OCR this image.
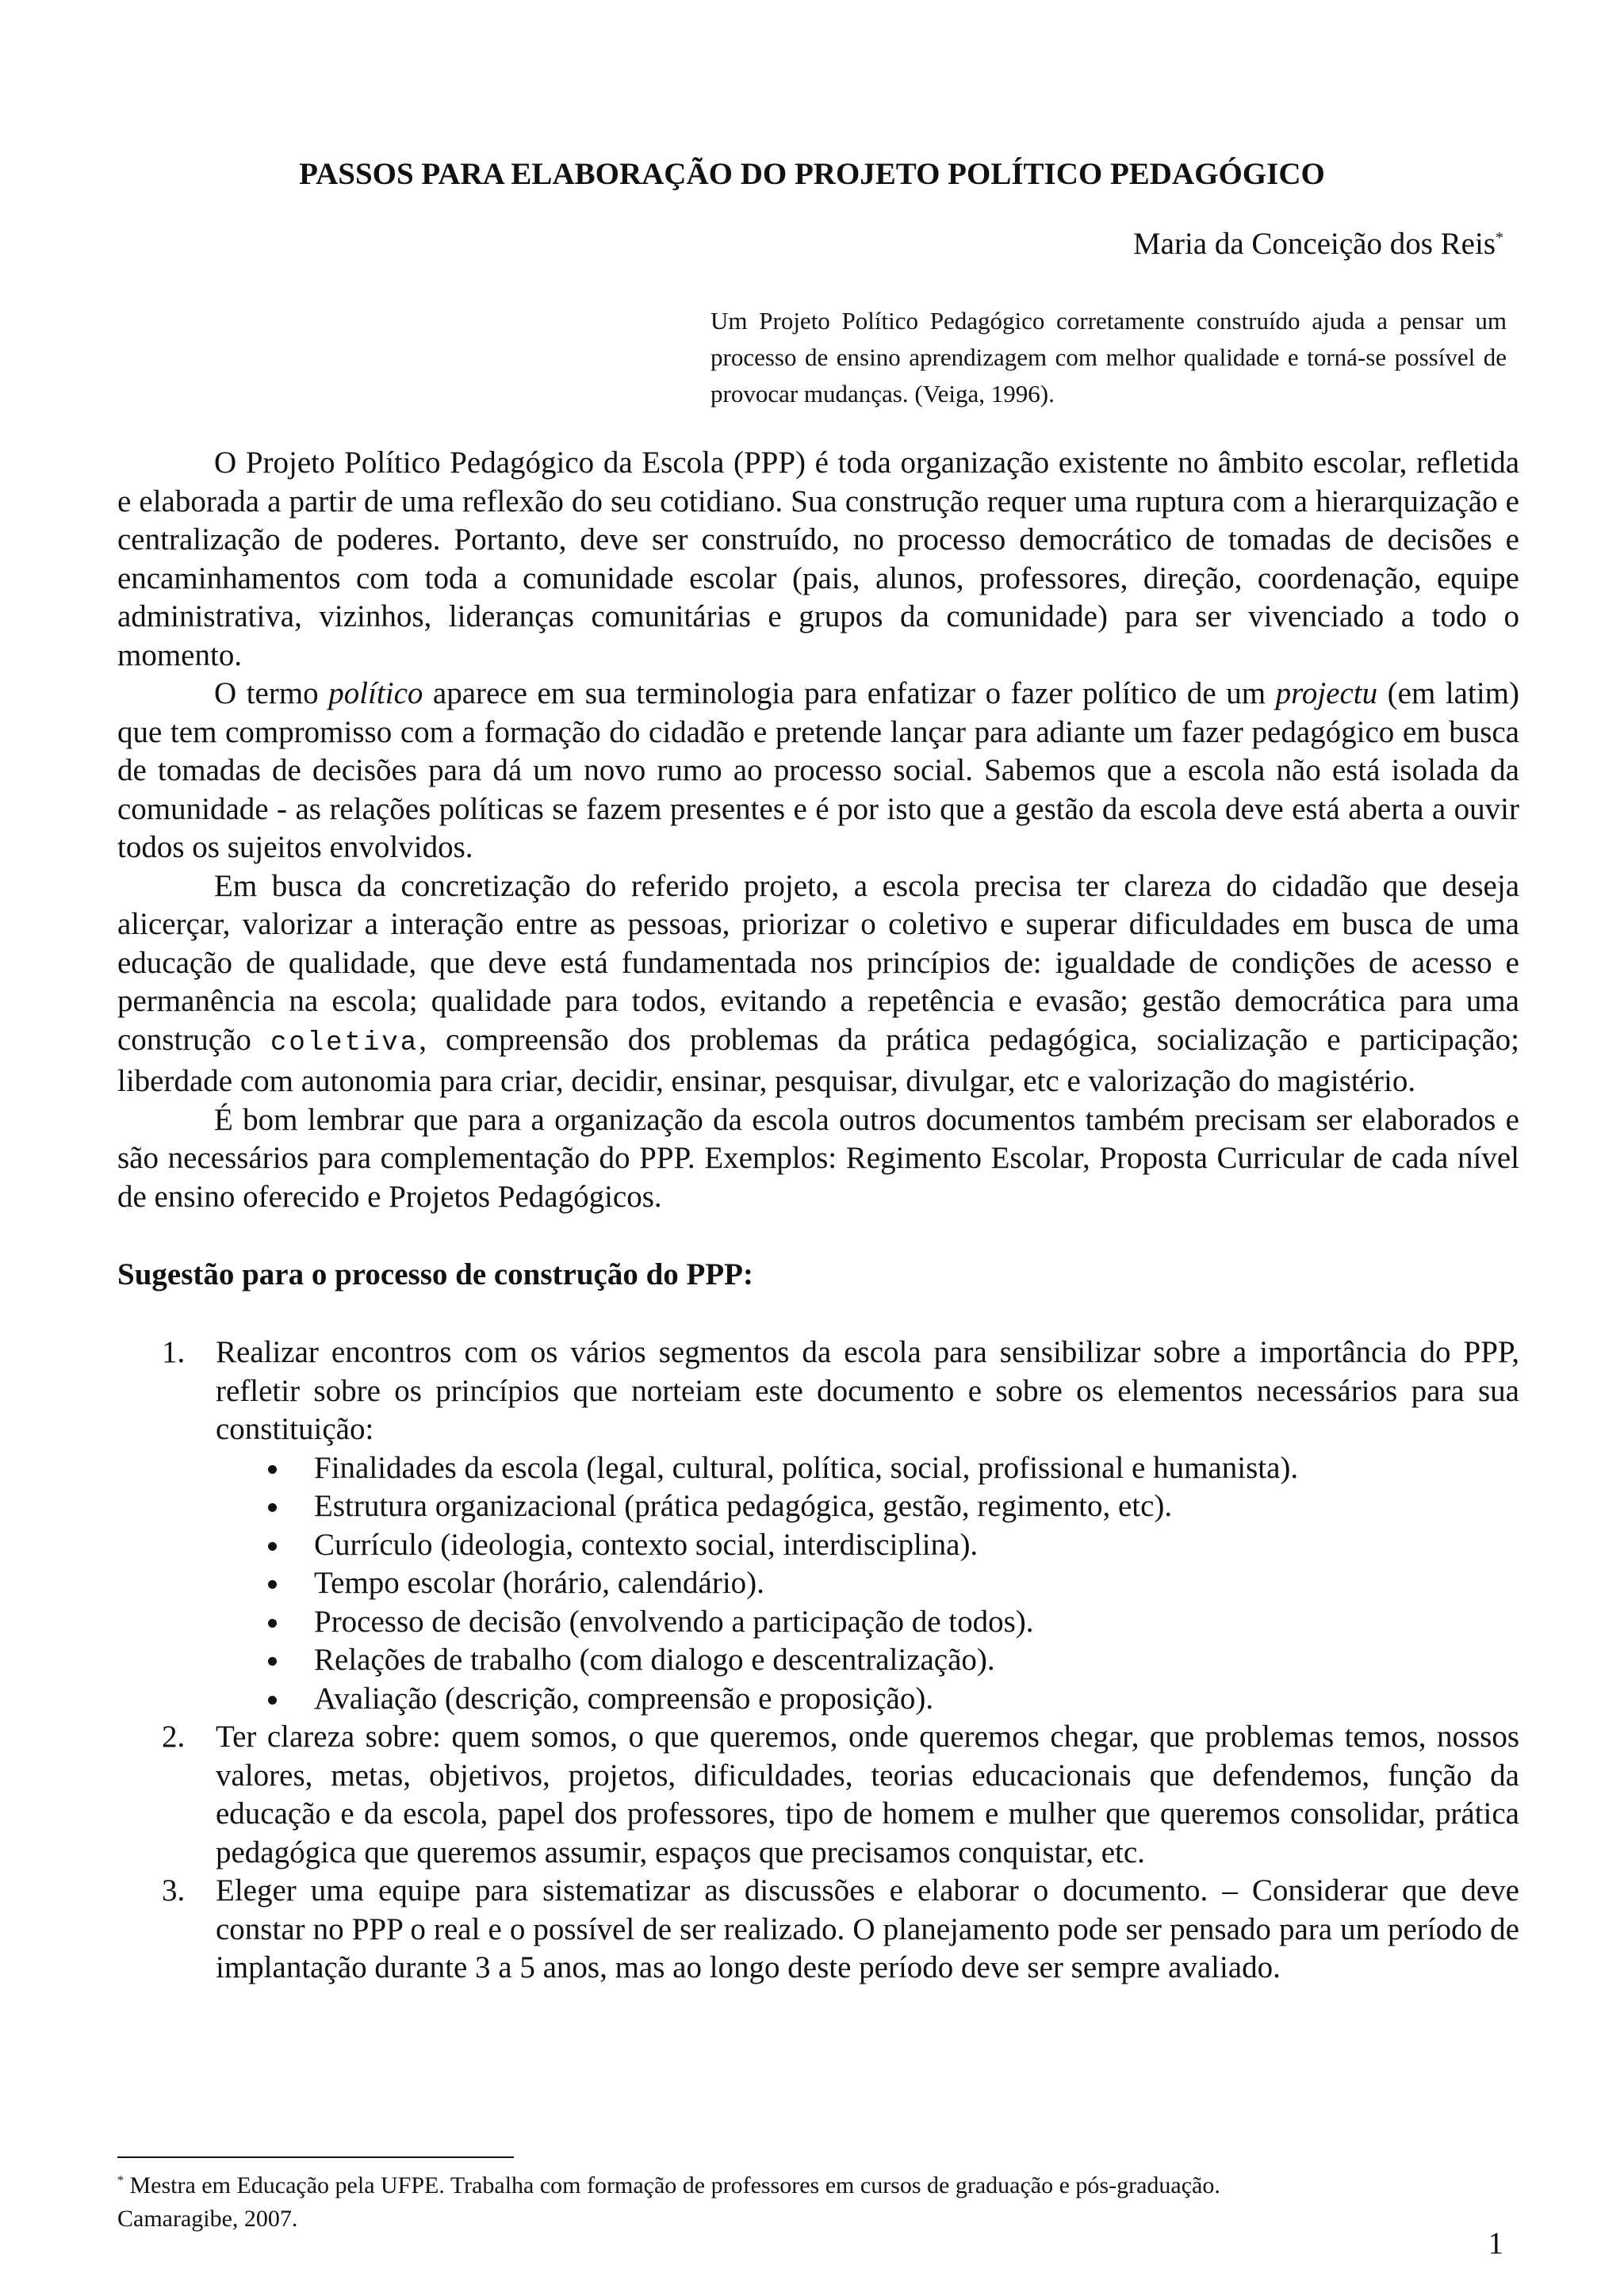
PASSOS PARA ELABORAÇÃO DO PROJETO POLÍTICO PEDAGÓGICO
Maria da Conceição dos Reis*
Um Projeto Político Pedagógico corretamente construído ajuda a pensar um processo de ensino aprendizagem com melhor qualidade e torná-se possível de provocar mudanças. (Veiga, 1996).

O Projeto Político Pedagógico da Escola (PPP) é toda organização existente no âmbito escolar, refletida e elaborada a partir de uma reflexão do seu cotidiano. Sua construção requer uma ruptura com a hierarquização e centralização de poderes. Portanto, deve ser construído, no processo democrático de tomadas de decisões e encaminhamentos com toda a comunidade escolar (pais, alunos, professores, direção, coordenação, equipe administrativa, vizinhos, lideranças comunitárias e grupos da comunidade) para ser vivenciado a todo o momento.

O termo político aparece em sua terminologia para enfatizar o fazer político de um projectu (em latim) que tem compromisso com a formação do cidadão e pretende lançar para adiante um fazer pedagógico em busca de tomadas de decisões para dá um novo rumo ao processo social. Sabemos que a escola não está isolada da comunidade - as relações políticas se fazem presentes e é por isto que a gestão da escola deve está aberta a ouvir todos os sujeitos envolvidos.

Em busca da concretização do referido projeto, a escola precisa ter clareza do cidadão que deseja alicerçar, valorizar a interação entre as pessoas, priorizar o coletivo e superar dificuldades em busca de uma educação de qualidade, que deve está fundamentada nos princípios de: igualdade de condições de acesso e permanência na escola; qualidade para todos, evitando a repetência e evasão; gestão democrática para uma construção coletiva, compreensão dos problemas da prática pedagógica, socialização e participação; liberdade com autonomia para criar, decidir, ensinar, pesquisar, divulgar, etc e valorização do magistério.

É bom lembrar que para a organização da escola outros documentos também precisam ser elaborados e são necessários para complementação do PPP. Exemplos: Regimento Escolar, Proposta Curricular de cada nível de ensino oferecido e Projetos Pedagógicos.

Sugestão para o processo de construção do PPP:
1. Realizar encontros com os vários segmentos da escola para sensibilizar sobre a importância do PPP, refletir sobre os princípios que norteiam este documento e sobre os elementos necessários para sua constituição:
Finalidades da escola (legal, cultural, política, social, profissional e humanista).
Estrutura organizacional (prática pedagógica, gestão, regimento, etc).
Currículo (ideologia, contexto social, interdisciplina).
Tempo escolar (horário, calendário).
Processo de decisão (envolvendo a participação de todos).
Relações de trabalho (com dialogo e descentralização).
Avaliação (descrição, compreensão e proposição).
2. Ter clareza sobre: quem somos, o que queremos, onde queremos chegar, que problemas temos, nossos valores, metas, objetivos, projetos, dificuldades, teorias educacionais que defendemos, função da educação e da escola, papel dos professores, tipo de homem e mulher que queremos consolidar, prática pedagógica que queremos assumir, espaços que precisamos conquistar, etc.
3. Eleger uma equipe para sistematizar as discussões e elaborar o documento. – Considerar que deve constar no PPP o real e o possível de ser realizado. O planejamento pode ser pensado para um período de implantação durante 3 a 5 anos, mas ao longo deste período deve ser sempre avaliado.
* Mestra em Educação pela UFPE. Trabalha com formação de professores em cursos de graduação e pós-graduação.
Camaragibe, 2007.
1
